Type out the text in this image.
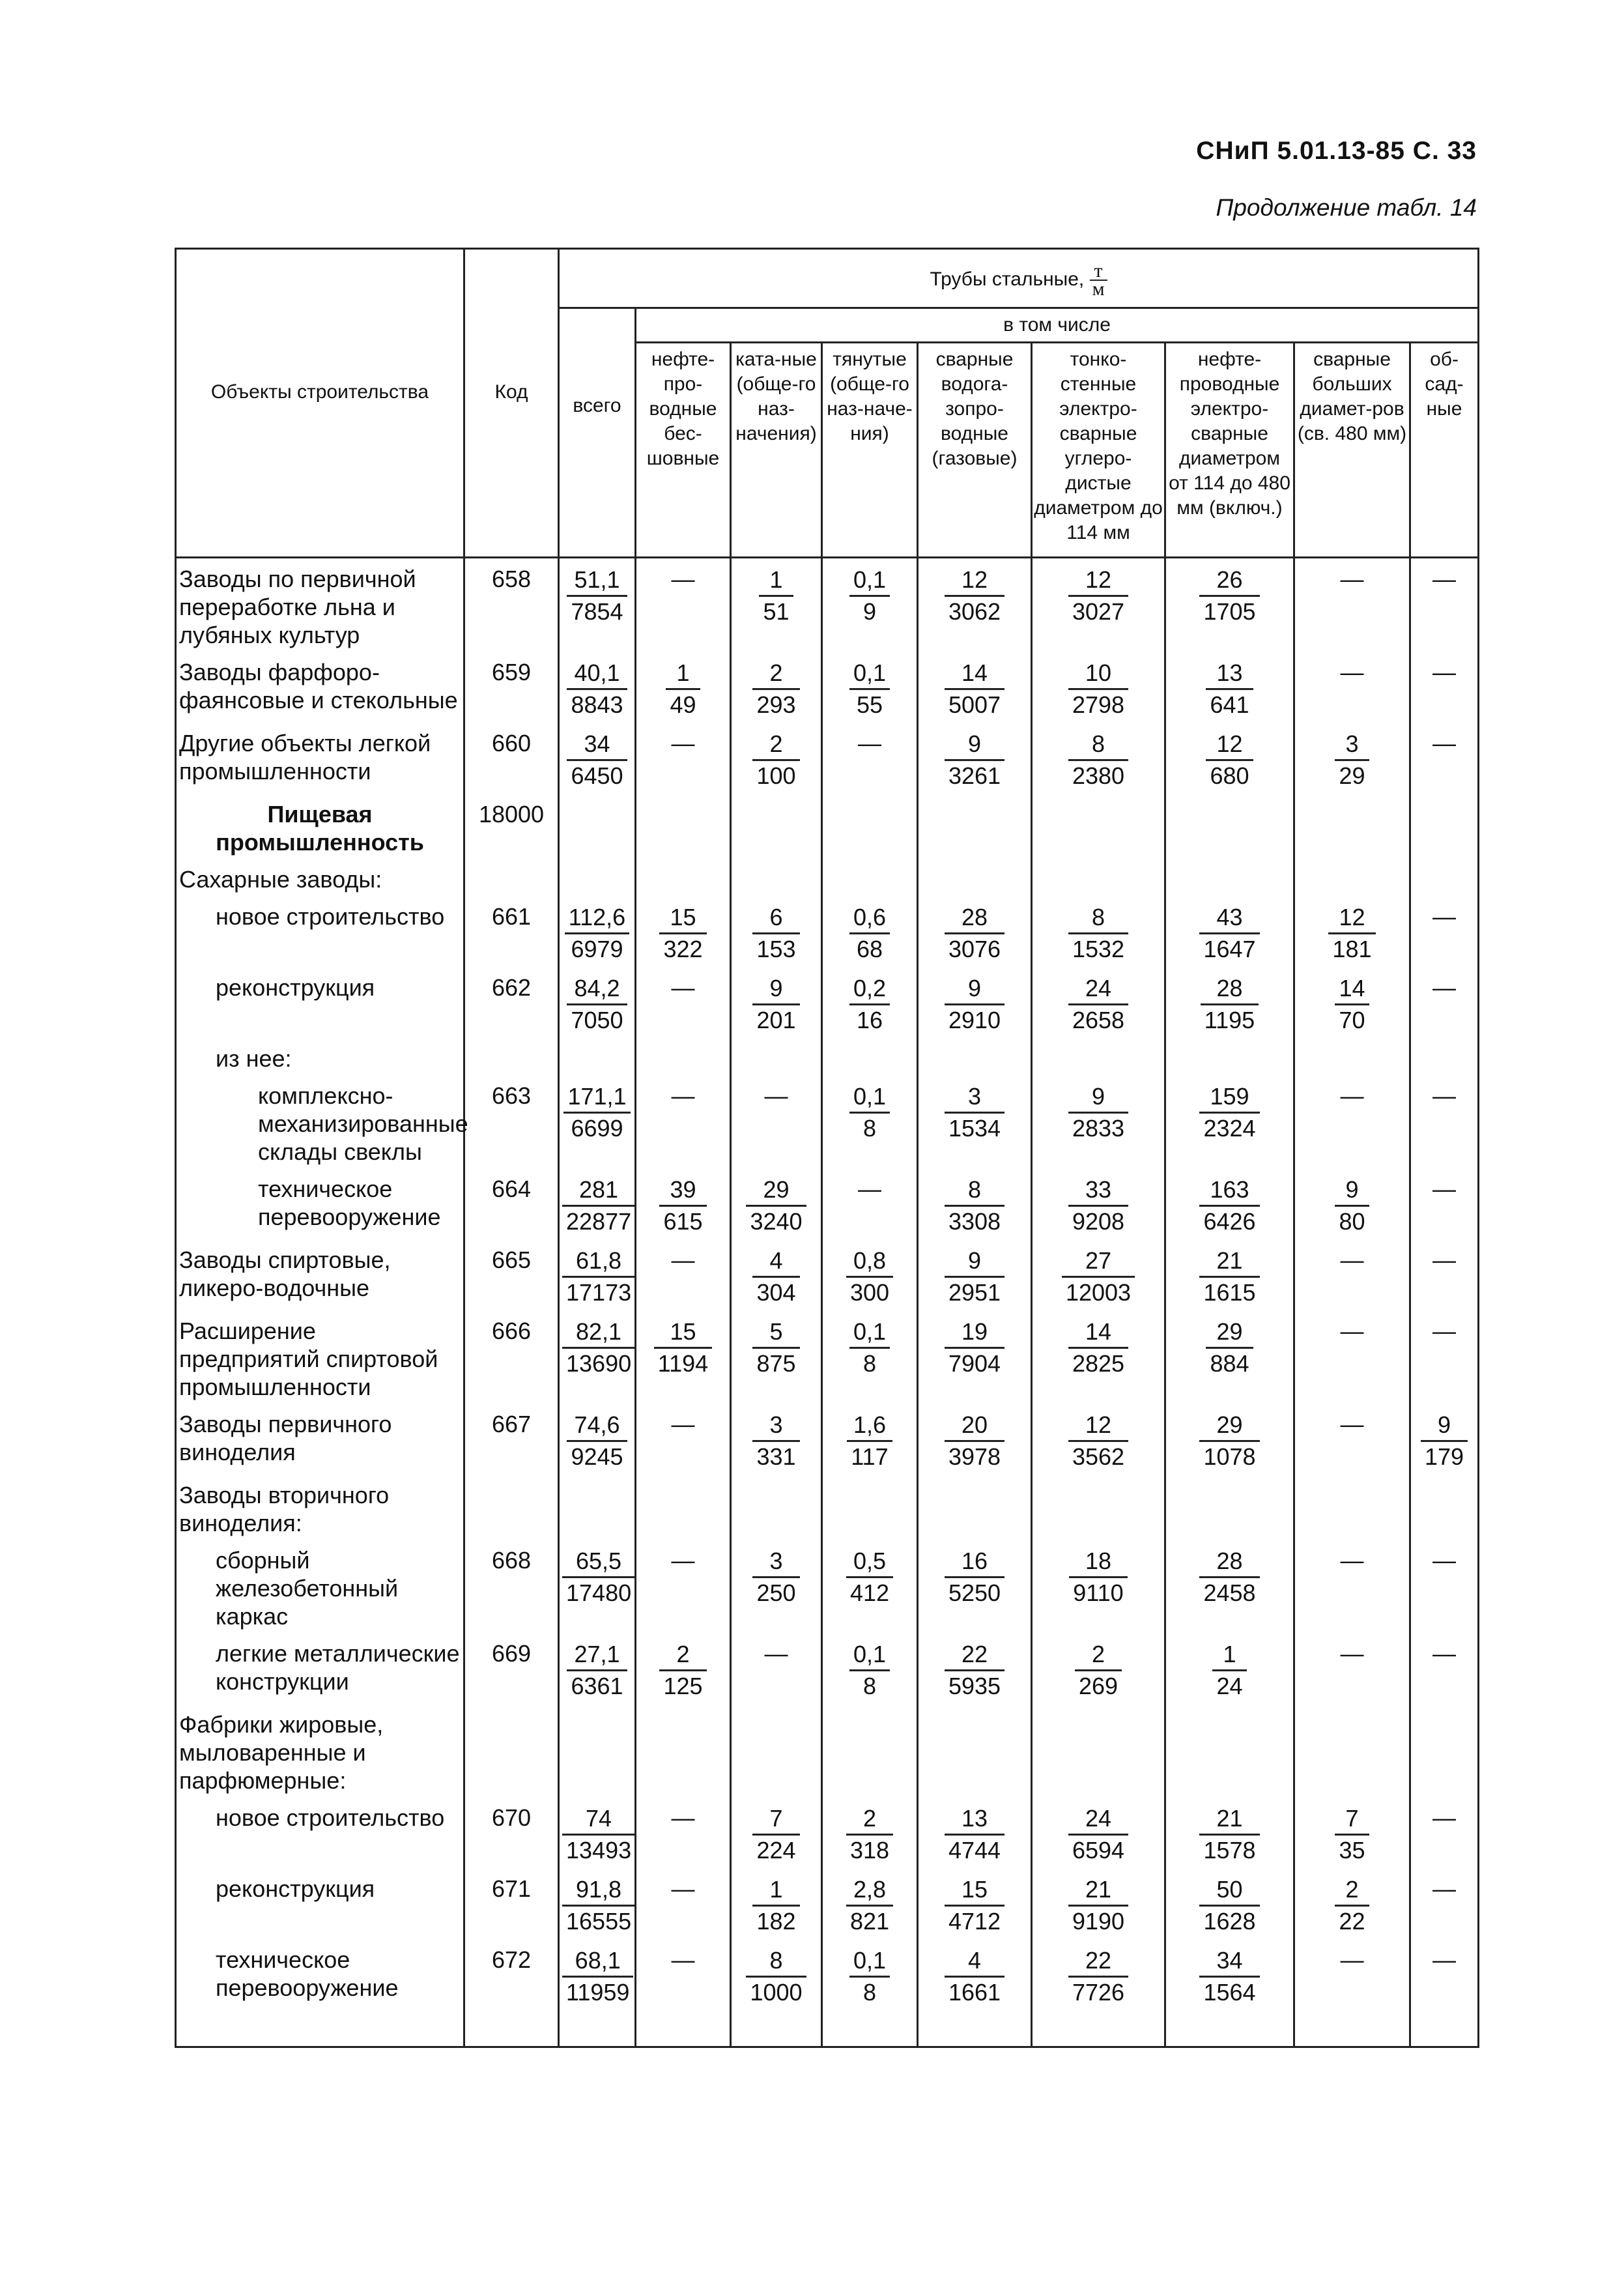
СНиП 5.01.13-85 С. 33
Продолжение табл. 14
Объекты строительства	Код	Трубы стальные, т
м								

		всего	в том числе							
			нефте-про-водные бес-шовные	ката-ные (обще-го наз-начения)	тянутые (обще-го наз-наче-ния)	сварные водога-зопро-водные (газовые)	тонко-стенные электро-сварные углеро-дистые диаметром до 114 мм	нефте-проводные электро-сварные диаметром от 114 до 480 мм (включ.)	сварные больших диамет-ров (св. 480 мм)	об-сад-ные
Заводы по первичной переработке льна и лубяных культур	658	$\frac{51,1}{7854}$	—	$\frac{1}{51}$	$\frac{0,1}{9}$	$\frac{12}{3062}$	$\frac{12}{3027}$	$\frac{26}{1705}$	—	—
Заводы фарфоро-фаянсовые и стекольные	659	$\frac{40,1}{8843}$	$\frac{1}{49}$	$\frac{2}{293}$	$\frac{0,1}{55}$	$\frac{14}{5007}$	$\frac{10}{2798}$	$\frac{13}{641}$	—	—
Другие объекты легкой промышленности	660	$\frac{34}{6450}$	—	$\frac{2}{100}$	—	$\frac{9}{3261}$	$\frac{8}{2380}$	$\frac{12}{680}$	$\frac{3}{29}$	—
Пищевая промышленность	18000									
Сахарные заводы:										
новое строительство	661	$\frac{112,6}{6979}$	$\frac{15}{322}$	$\frac{6}{153}$	$\frac{0,6}{68}$	$\frac{28}{3076}$	$\frac{8}{1532}$	$\frac{43}{1647}$	$\frac{12}{181}$	—
реконструкция	662	$\frac{84,2}{7050}$	—	$\frac{9}{201}$	$\frac{0,2}{16}$	$\frac{9}{2910}$	$\frac{24}{2658}$	$\frac{28}{1195}$	$\frac{14}{70}$	—
из нее:										
комплексно-механизированные склады свеклы	663	$\frac{171,1}{6699}$	—	—	$\frac{0,1}{8}$	$\frac{3}{1534}$	$\frac{9}{2833}$	$\frac{159}{2324}$	—	—
техническое перевооружение	664	$\frac{281}{22877}$	$\frac{39}{615}$	$\frac{29}{3240}$	—	$\frac{8}{3308}$	$\frac{33}{9208}$	$\frac{163}{6426}$	$\frac{9}{80}$	—
Заводы спиртовые, ликеро-водочные	665	$\frac{61,8}{17173}$	—	$\frac{4}{304}$	$\frac{0,8}{300}$	$\frac{9}{2951}$	$\frac{27}{12003}$	$\frac{21}{1615}$	—	—
Расширение предприятий спиртовой промышленности	666	$\frac{82,1}{13690}$	$\frac{15}{1194}$	$\frac{5}{875}$	$\frac{0,1}{8}$	$\frac{19}{7904}$	$\frac{14}{2825}$	$\frac{29}{884}$	—	—
Заводы первичного виноделия	667	$\frac{74,6}{9245}$	—	$\frac{3}{331}$	$\frac{1,6}{117}$	$\frac{20}{3978}$	$\frac{12}{3562}$	$\frac{29}{1078}$	—	$\frac{9}{179}$

Заводы вторичного виноделия:										
сборный железобетонный каркас	668	$\frac{65,5}{17480}$	—	$\frac{3}{250}$	$\frac{0,5}{412}$	$\frac{16}{5250}$	$\frac{18}{9110}$	$\frac{28}{2458}$	—	—
легкие металлические конструкции	669	$\frac{27,1}{6361}$	$\frac{2}{125}$	—	$\frac{0,1}{8}$	$\frac{22}{5935}$	$\frac{2}{269}$	$\frac{1}{24}$	—	—
Фабрики жировые, мыловаренные и парфюмерные:										
новое строительство	670	$\frac{74}{13493}$	—	$\frac{7}{224}$	$\frac{2}{318}$	$\frac{13}{4744}$	$\frac{24}{6594}$	$\frac{21}{1578}$	$\frac{7}{35}$	—
реконструкция	671	$\frac{91,8}{16555}$	—	$\frac{1}{182}$	$\frac{2,8}{821}$	$\frac{15}{4712}$	$\frac{21}{9190}$	$\frac{50}{1628}$	$\frac{2}{22}$	—
техническое перевооружение	672	$\frac{68,1}{11959}$	—	$\frac{8}{1000}$	$\frac{0,1}{8}$	$\frac{4}{1661}$	$\frac{22}{7726}$	$\frac{34}{1564}$	—	—
